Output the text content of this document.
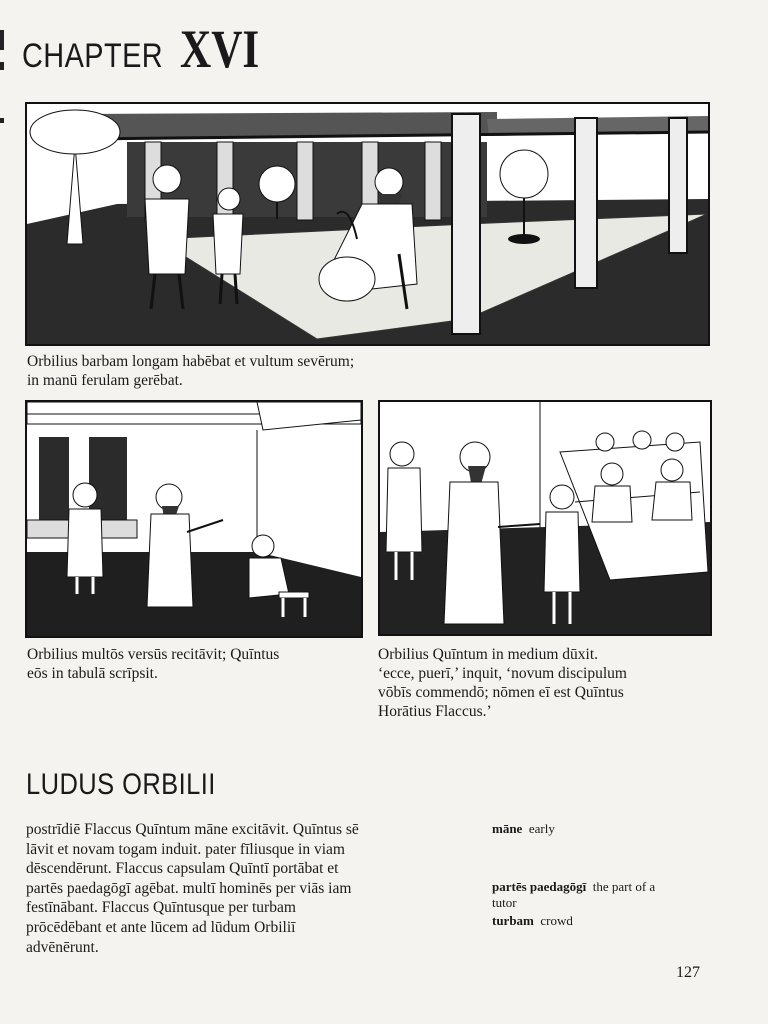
CHAPTER XVI
Orbilius barbam longam habēbat et vultum sevērum;
in manū ferulam gerēbat.
Orbilius multōs versūs recitāvit; Quīntus
eōs in tabulā scrīpsit.
Orbilius Quīntum in medium dūxit.
‘ecce, puerī,’ inquit, ‘novum discipulum
vōbīs commendō; nōmen eī est Quīntus
Horātius Flaccus.’
LUDUS ORBILII
postrīdiē Flaccus Quīntum māne excitāvit. Quīntus sē
lāvit et novam togam induit. pater fīliusque in viam
dēscendērunt. Flaccus capsulam Quīntī portābat et
partēs paedagōgī agēbat. multī hominēs per viās iam
festīnābant. Flaccus Quīntusque per turbam
prōcēdēbant et ante lūcem ad lūdum Orbiliī
advēnērunt.
māne early
partēs paedagōgī the part of a
tutor
turbam crowd
127
